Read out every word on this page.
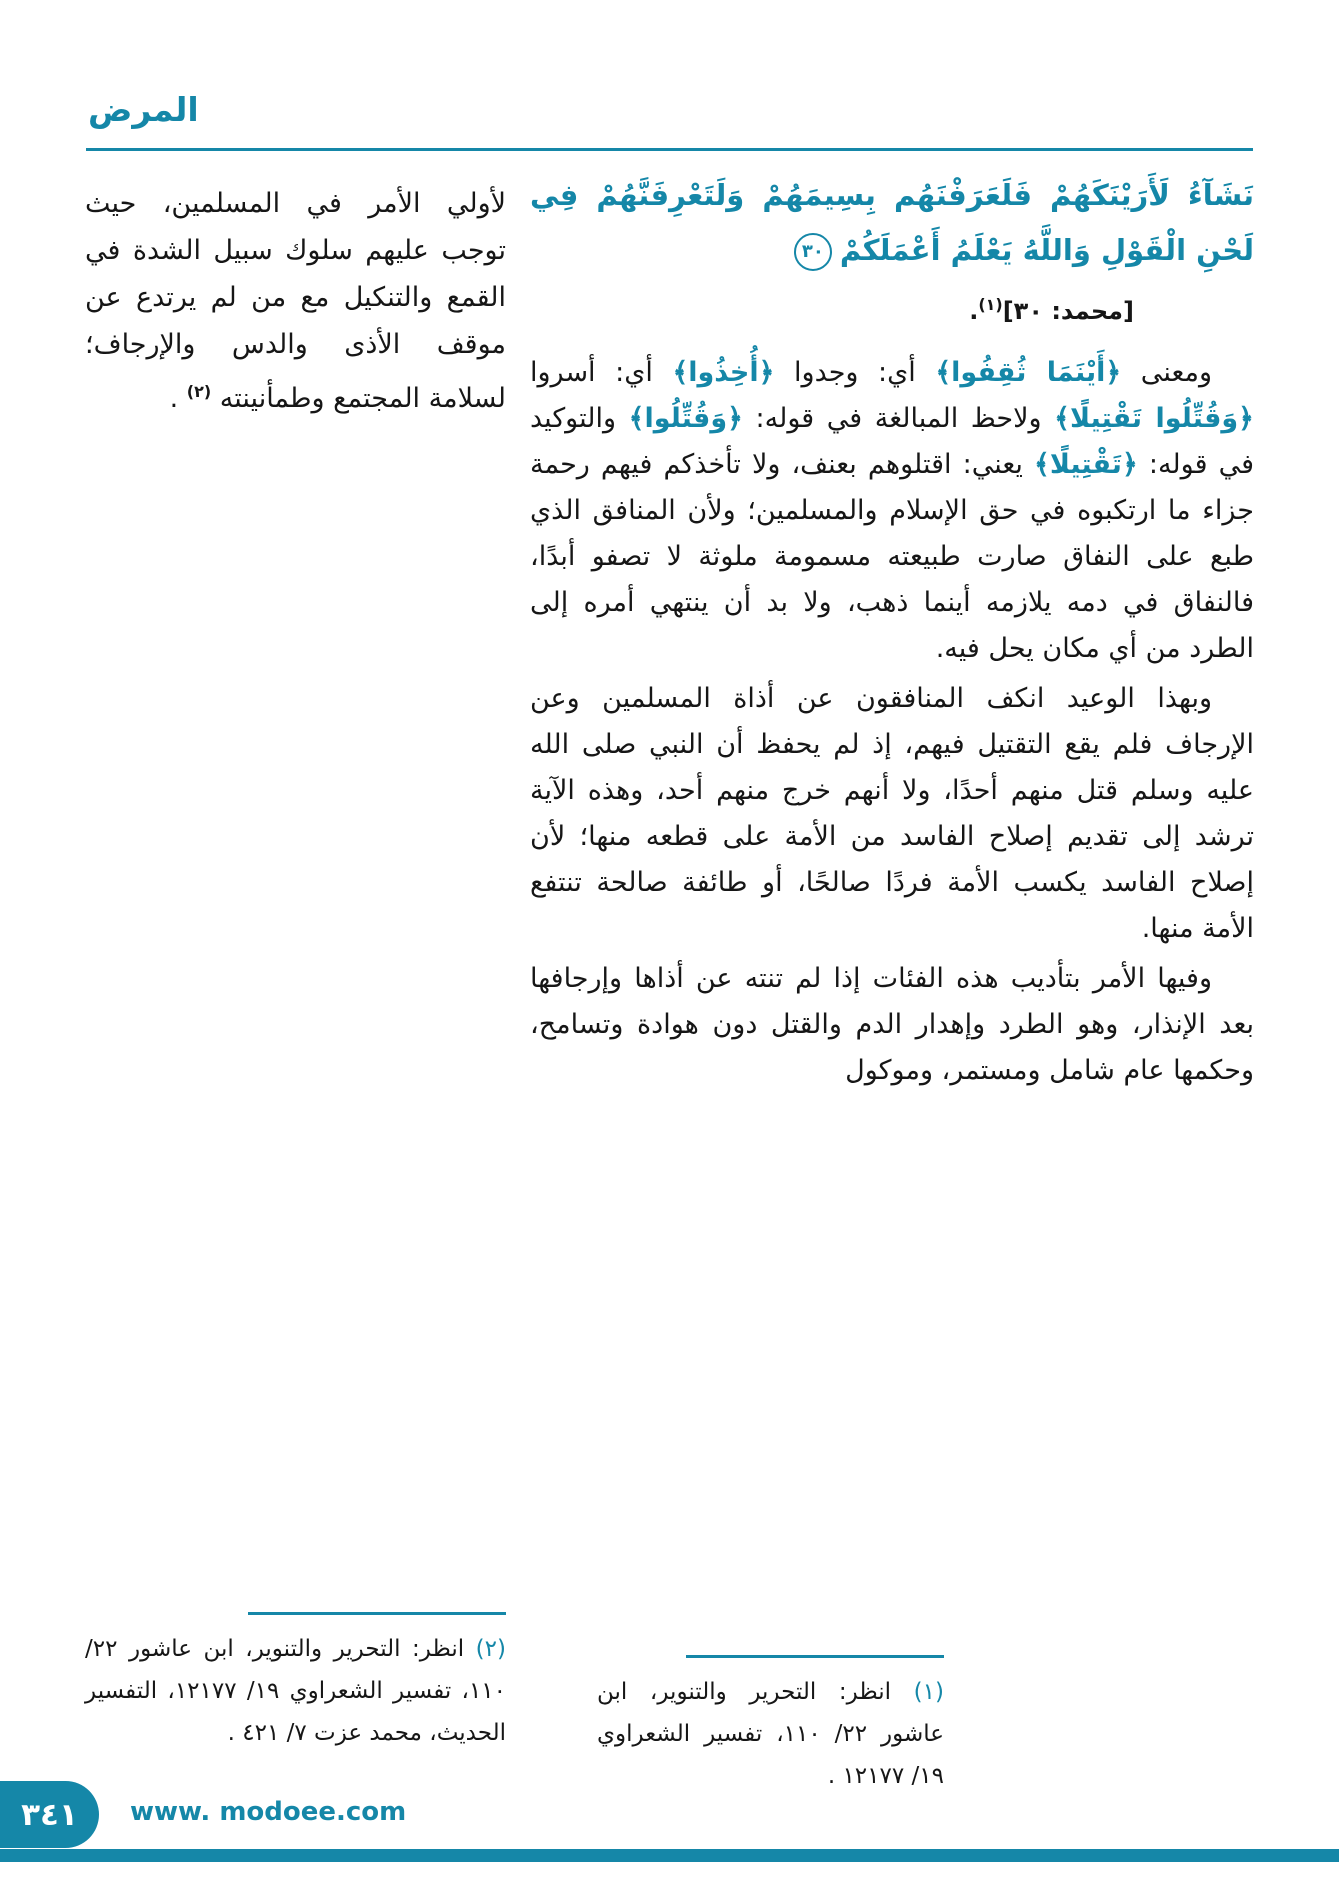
المرض
نَشَآءُ لَأَرَيْنَكَهُمْ فَلَعَرَفْنَهُم بِسِيمَهُمْ وَلَتَعْرِفَنَّهُمْ فِي لَحْنِ الْقَوْلِ وَاللَّهُ يَعْلَمُ أَعْمَلَكُمْ٣٠
[محمد: ٣٠]$^{(١)}$.

ومعنى ﴿أَيْنَمَا ثُقِفُوا﴾ أي: وجدوا ﴿أُخِذُوا﴾ أي: أسروا ﴿وَقُتِّلُوا تَقْتِيلًا﴾ ولاحظ المبالغة في قوله: ﴿وَقُتِّلُوا﴾ والتوكيد في قوله: ﴿تَقْتِيلًا﴾ يعني: اقتلوهم بعنف، ولا تأخذكم فيهم رحمة جزاء ما ارتكبوه في حق الإسلام والمسلمين؛ ولأن المنافق الذي طبع على النفاق صارت طبيعته مسمومة ملوثة لا تصفو أبدًا، فالنفاق في دمه يلازمه أينما ذهب، ولا بد أن ينتهي أمره إلى الطرد من أي مكان يحل فيه.

وبهذا الوعيد انكف المنافقون عن أذاة المسلمين وعن الإرجاف فلم يقع التقتيل فيهم، إذ لم يحفظ أن النبي صلى الله عليه وسلم قتل منهم أحدًا، ولا أنهم خرج منهم أحد، وهذه الآية ترشد إلى تقديم إصلاح الفاسد من الأمة على قطعه منها؛ لأن إصلاح الفاسد يكسب الأمة فردًا صالحًا، أو طائفة صالحة تنتفع الأمة منها.

وفيها الأمر بتأديب هذه الفئات إذا لم تنته عن أذاها وإرجافها بعد الإنذار، وهو الطرد وإهدار الدم والقتل دون هوادة وتسامح، وحكمها عام شامل ومستمر، وموكول

لأولي الأمر في المسلمين، حيث توجب عليهم سلوك سبيل الشدة في القمع والتنكيل مع من لم يرتدع عن موقف الأذى والدس والإرجاف؛ لسلامة المجتمع وطمأنينته $^{(٢)}$ .

(٢) انظر: التحرير والتنوير، ابن عاشور ٢٢/ ١١٠، تفسير الشعراوي ١٩/ ١٢١٧٧، التفسير الحديث، محمد عزت ٧/ ٤٢١ .

(١) انظر: التحرير والتنوير، ابن عاشور ٢٢/ ١١٠، تفسير الشعراوي ١٩/ ١٢١٧٧ .

٣٤١	www. modoee.com
